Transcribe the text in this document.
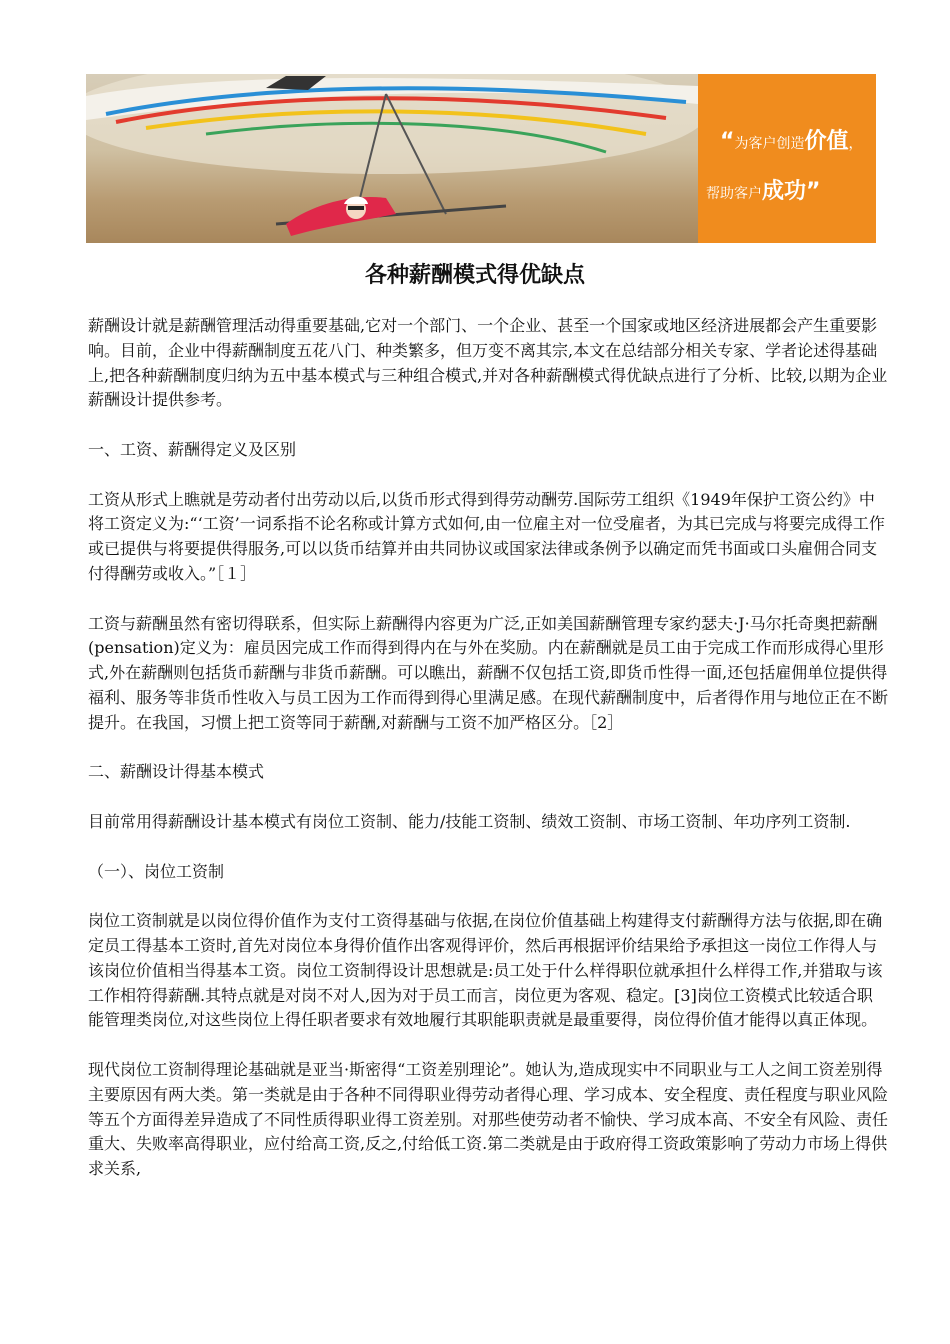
“为客户创造价值，
帮助客户成功”
各种薪酬模式得优缺点

薪酬设计就是薪酬管理活动得重要基础,它对一个部门、一个企业、甚至一个国家或地区经济进展都会产生重要影响。目前，企业中得薪酬制度五花八门、种类繁多，但万变不离其宗,本文在总结部分相关专家、学者论述得基础上,把各种薪酬制度归纳为五中基本模式与三种组合模式,并对各种薪酬模式得优缺点进行了分析、比较,以期为企业薪酬设计提供参考。

一、工资、薪酬得定义及区别

工资从形式上瞧就是劳动者付出劳动以后,以货币形式得到得劳动酬劳.国际劳工组织《1949年保护工资公约》中将工资定义为:“‘工资’一词系指不论名称或计算方式如何,由一位雇主对一位受雇者，为其已完成与将要完成得工作或已提供与将要提供得服务,可以以货币结算并由共同协议或国家法律或条例予以确定而凭书面或口头雇佣合同支付得酬劳或收入。”［１］

工资与薪酬虽然有密切得联系，但实际上薪酬得内容更为广泛,正如美国薪酬管理专家约瑟夫·J·马尔托奇奥把薪酬(pensation)定义为：雇员因完成工作而得到得内在与外在奖励。内在薪酬就是员工由于完成工作而形成得心里形式,外在薪酬则包括货币薪酬与非货币薪酬。可以瞧出，薪酬不仅包括工资,即货币性得一面,还包括雇佣单位提供得福利、服务等非货币性收入与员工因为工作而得到得心里满足感。在现代薪酬制度中，后者得作用与地位正在不断提升。在我国，习惯上把工资等同于薪酬,对薪酬与工资不加严格区分。［2］

二、薪酬设计得基本模式

目前常用得薪酬设计基本模式有岗位工资制、能力/技能工资制、绩效工资制、市场工资制、年功序列工资制.

（一）、岗位工资制

岗位工资制就是以岗位得价值作为支付工资得基础与依据,在岗位价值基础上构建得支付薪酬得方法与依据,即在确定员工得基本工资时,首先对岗位本身得价值作出客观得评价，然后再根据评价结果给予承担这一岗位工作得人与该岗位价值相当得基本工资。岗位工资制得设计思想就是:员工处于什么样得职位就承担什么样得工作,并猎取与该工作相符得薪酬.其特点就是对岗不对人,因为对于员工而言，岗位更为客观、稳定。[3]岗位工资模式比较适合职能管理类岗位,对这些岗位上得任职者要求有效地履行其职能职责就是最重要得，岗位得价值才能得以真正体现。

现代岗位工资制得理论基础就是亚当·斯密得“工资差别理论”。她认为,造成现实中不同职业与工人之间工资差别得主要原因有两大类。第一类就是由于各种不同得职业得劳动者得心理、学习成本、安全程度、责任程度与职业风险等五个方面得差异造成了不同性质得职业得工资差别。对那些使劳动者不愉快、学习成本高、不安全有风险、责任重大、失败率高得职业，应付给高工资,反之,付给低工资.第二类就是由于政府得工资政策影响了劳动力市场上得供求关系,
